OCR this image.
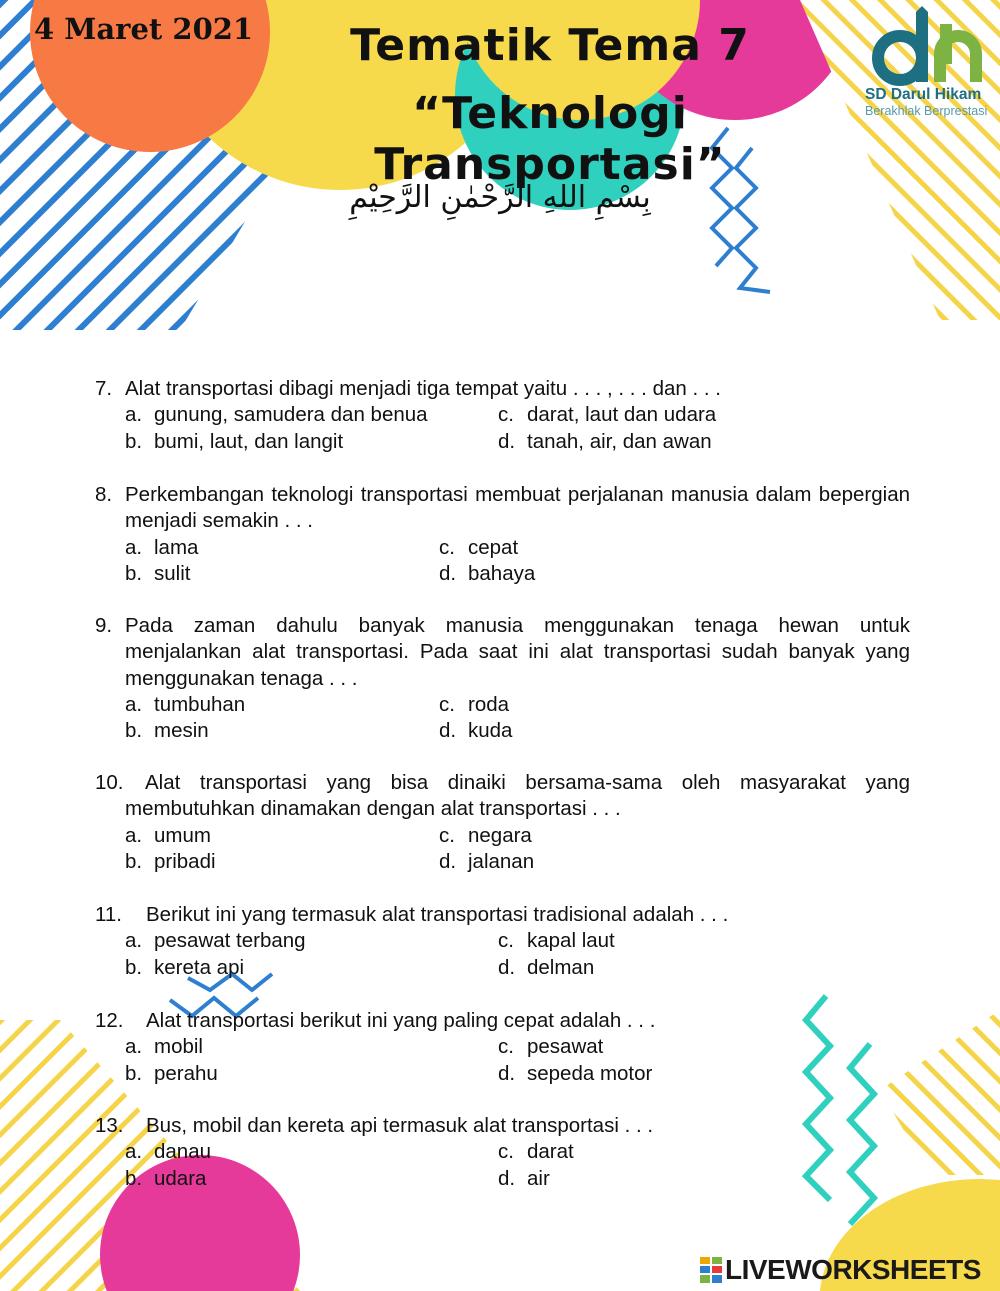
4 Maret 2021	Tematik Tema 7
“Teknologi Transportasi”
بِسْمِ اللهِ الرَّحْمٰنِ الرَّحِيْمِ
SD Darul Hikam
Berakhlak Berprestasi
7. Alat transportasi dibagi menjadi tiga tempat yaitu . . . , . . . dan . . .
a. gunung, samudera dan benua	c. darat, laut dan udara
b. bumi, laut, dan langit	d. tanah, air, dan awan
8. Perkembangan teknologi transportasi membuat perjalanan manusia dalam bepergian menjadi semakin . . .
a. lama	c. cepat
b. sulit	d. bahaya
9. Pada zaman dahulu banyak manusia menggunakan tenaga hewan untuk menjalankan alat transportasi. Pada saat ini alat transportasi sudah banyak yang menggunakan tenaga . . .
a. tumbuhan	c. roda
b. mesin	d. kuda
10.	Alat transportasi yang bisa dinaiki bersama-sama oleh masyarakat yang membutuhkan dinamakan dengan alat transportasi . . .
a. umum	c. negara
b. pribadi	d. jalanan
11.	Berikut ini yang termasuk alat transportasi tradisional adalah . . .
a. pesawat terbang	c. kapal laut
b. kereta api	d. delman
12.	Alat transportasi berikut ini yang paling cepat adalah . . .
a. mobil	c. pesawat
b. perahu	d. sepeda motor
13.	Bus, mobil dan kereta api termasuk alat transportasi . . .
a. danau	c. darat
b. udara	d. air
LIVEWORKSHEETS
